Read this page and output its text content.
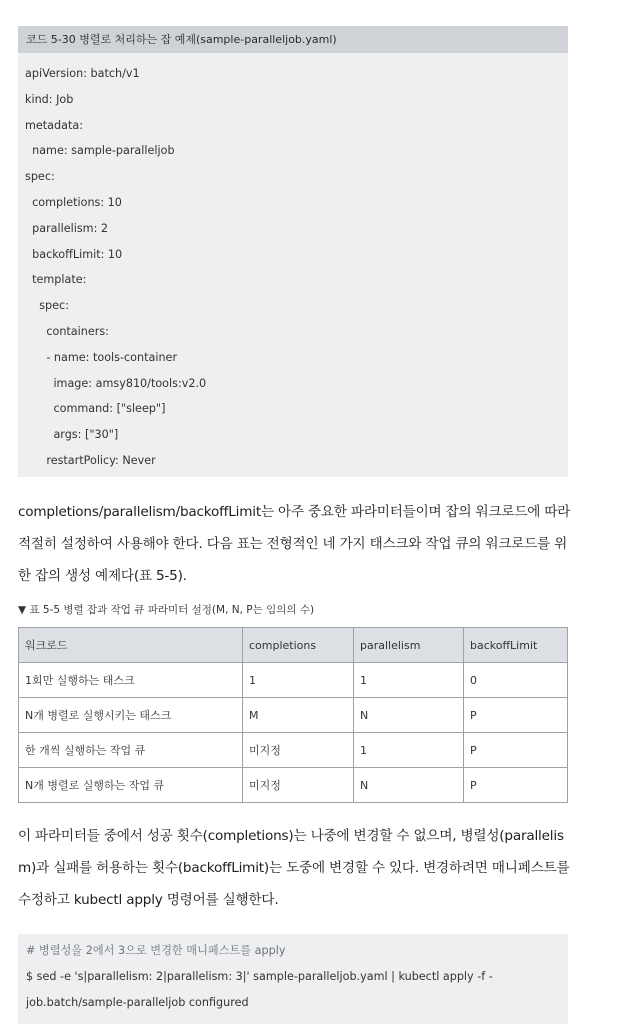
코드 5-30 병렬로 처리하는 잡 예제(sample-paralleljob.yaml)
apiVersion: batch/v1
kind: Job
metadata:
name: sample-paralleljob
spec:
completions: 10
parallelism: 2
backoffLimit: 10
template:
spec:
containers:
- name: tools-container
image: amsy810/tools:v2.0
command: ["sleep"]
args: ["30"]
restartPolicy: Never
completions/parallelism/backoffLimit는 아주 중요한 파라미터들이며 잡의 워크로드에 따라
적절히 설정하여 사용해야 한다. 다음 표는 전형적인 네 가지 태스크와 작업 큐의 워크로드를 위
한 잡의 생성 예제다(표 5-5).
▼ 표 5-5 병렬 잡과 작업 큐 파라미터 설정(M, N, P는 임의의 수)
워크로드	completions	parallelism	backoffLimit
1회만 실행하는 태스크	1	1	0
N개 병렬로 실행시키는 태스크	M	N	P
한 개씩 실행하는 작업 큐	미지정	1	P
N개 병렬로 실행하는 작업 큐	미지정	N	P
이 파라미터들 중에서 성공 횟수(completions)는 나중에 변경할 수 없으며, 병렬성(parallelis
m)과 실패를 허용하는 횟수(backoffLimit)는 도중에 변경할 수 있다. 변경하려면 매니페스트를
수정하고 kubectl apply 명령어를 실행한다.
# 병렬성을 2에서 3으로 변경한 매니페스트를 apply
$ sed -e 's|parallelism: 2|parallelism: 3|' sample-paralleljob.yaml | kubectl apply -f -
job.batch/sample-paralleljob configured
